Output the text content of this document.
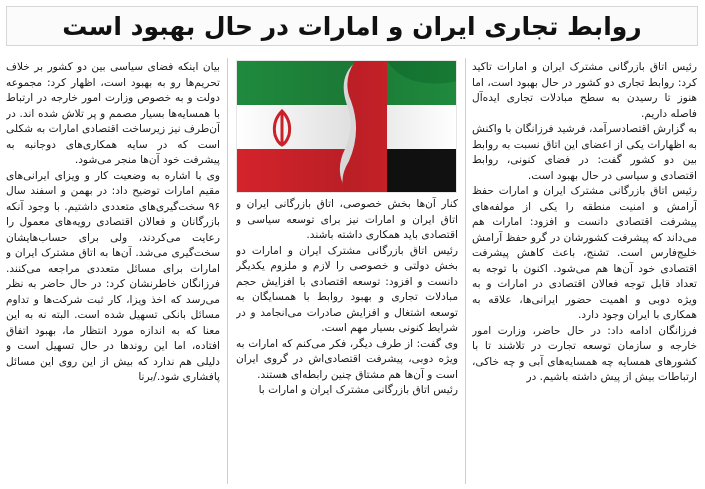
روابط تجاری ایران و امارات در حال بهبود است

رئیس اتاق بازرگانی مشترک ایران و امارات تاکید کرد: روابط تجاری دو کشور در حال بهبود است، اما هنوز تا رسیدن به سطح مبادلات تجاری ایده‌آل فاصله داریم.

به گزارش اقتصادسرآمد، فرشید فرزانگان با واکنش به اظهارات یکی از اعضای این اتاق نسبت به روابط بین دو کشور گفت: در فضای کنونی، روابط اقتصادی و سیاسی در حال بهبود است.

رئیس اتاق بازرگانی مشترک ایران و امارات حفظ آرامش و امنیت منطقه را یکی از مولفه‌های پیشرفت اقتصادی دانست و افزود: امارات هم می‌داند که پیشرفت کشورشان در گرو حفظ آرامش خلیج‌فارس است. تشنج، باعث کاهش پیشرفت اقتصادی خود آن‌ها هم می‌شود. اکنون با توجه به تعداد قابل توجه فعالان اقتصادی در امارات و به ویژه دوبی و اهمیت حضور ایرانی‌ها، علاقه به همکاری با ایران وجود دارد.

فرزانگان ادامه داد: در حال حاضر، وزارت امور خارجه و سازمان توسعه تجارت در تلاشند تا با کشورهای همسایه چه همسایه‌های آبی و چه خاکی، ارتباطات بیش از پیش داشته باشیم. در

کنار آن‌ها بخش خصوصی، اتاق بازرگانی ایران و اتاق ایران و امارات نیز برای توسعه سیاسی و اقتصادی باید همکاری داشته باشند.

رئیس اتاق بازرگانی مشترک ایران و امارات دو بخش دولتی و خصوصی را لازم و ملزوم یکدیگر دانست و افزود: توسعه اقتصادی با افزایش حجم مبادلات تجاری و بهبود روابط با همسایگان به توسعه اشتغال و افزایش صادرات می‌انجامد و در شرایط کنونی بسیار مهم است.

وی گفت: از طرف دیگر، فکر می‌کنم که امارات به ویژه دوبی، پیشرفت اقتصادی‌اش در گروی ایران است و آن‌ها هم مشتاق چنین رابطه‌ای هستند.

رئیس اتاق بازرگانی مشترک ایران و امارات با

بیان اینکه فضای سیاسی بین دو کشور بر خلاف تحریم‌ها رو به بهبود است، اظهار کرد: مجموعه دولت و به خصوص وزارت امور خارجه در ارتباط با همسایه‌ها بسیار مصمم و پر تلاش شده اند. در آن‌طرف نیز زیرساخت اقتصادی امارات به شکلی است که در سایه همکاری‌های دوجانبه به پیشرفت خود آن‌ها منجر می‌شود.

وی با اشاره به وضعیت کار و ویزای ایرانی‌های مقیم امارات توضیح داد: در بهمن و اسفند سال ۹۶ سخت‌گیری‌های متعددی داشتیم. با وجود آنکه بازرگانان و فعالان اقتصادی رویه‌های معمول را رعایت می‌کردند، ولی برای حساب‌هایشان سخت‌گیری می‌شد. آن‌ها به اتاق مشترک ایران و امارات برای مسائل متعددی مراجعه می‌کنند. فرزانگان خاطرنشان کرد: در حال حاضر به نظر می‌رسد که اخذ ویزا، کار ثبت شرکت‌ها و تداوم مسائل بانکی تسهیل شده است. البته نه به این معنا که به اندازه مورد انتظار ما، بهبود اتفاق افتاده، اما این روندها در حال تسهیل است و دلیلی هم ندارد که بیش از این روی این مسائل پافشاری شود./برنا
